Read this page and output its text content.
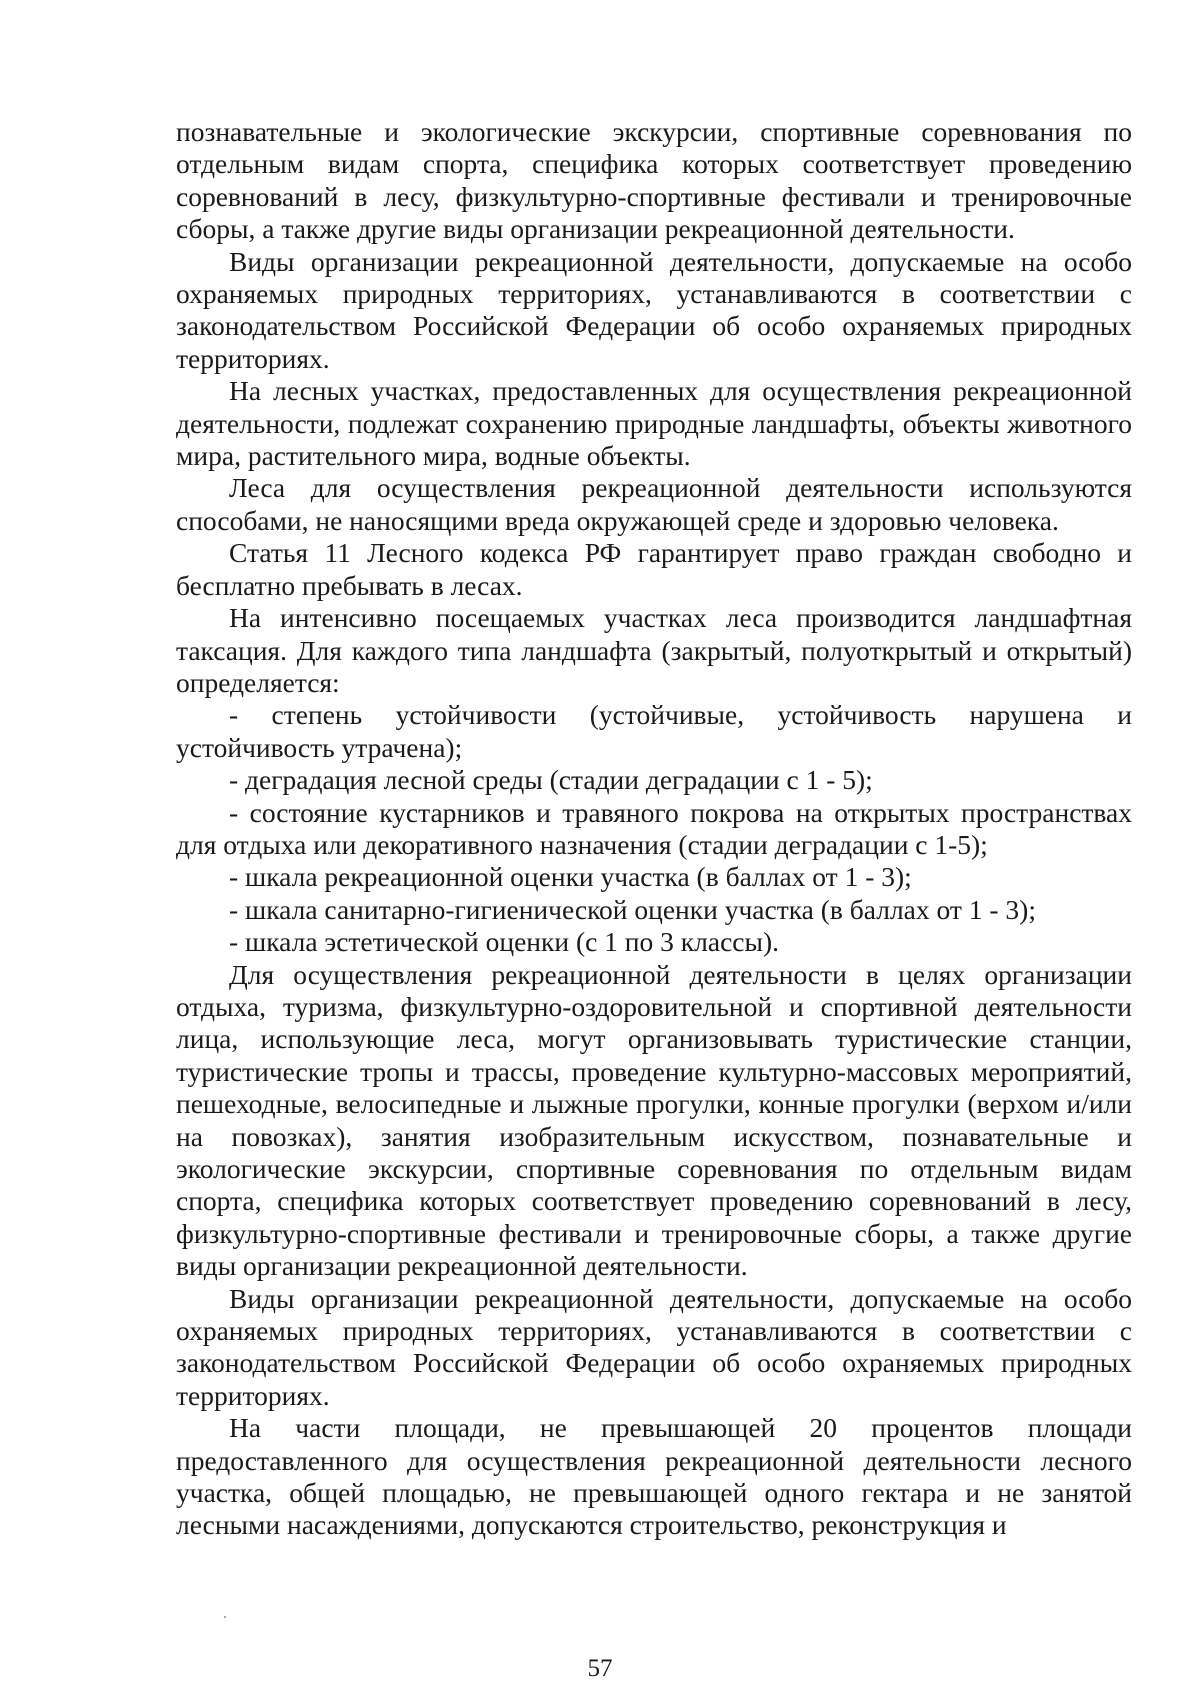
познавательные и экологические экскурсии, спортивные соревнования по отдельным видам спорта, специфика которых соответствует проведению соревнований в лесу, физкультурно-спортивные фестивали и тренировочные сборы, а также другие виды организации рекреационной деятельности.

Виды организации рекреационной деятельности, допускаемые на особо охраняемых природных территориях, устанавливаются в соответствии с законодательством Российской Федерации об особо охраняемых природных территориях.

На лесных участках, предоставленных для осуществления рекреационной деятельности, подлежат сохранению природные ландшафты, объекты животного мира, растительного мира, водные объекты.

Леса для осуществления рекреационной деятельности используются способами, не наносящими вреда окружающей среде и здоровью человека.

Статья 11 Лесного кодекса РФ гарантирует право граждан свободно и бесплатно пребывать в лесах.

На интенсивно посещаемых участках леса производится ландшафтная таксация. Для каждого типа ландшафта (закрытый, полуоткрытый и открытый) определяется:

- степень устойчивости (устойчивые, устойчивость нарушена и устойчивость утрачена);

- деградация лесной среды (стадии деградации с 1 - 5);

- состояние кустарников и травяного покрова на открытых пространствах для отдыха или декоративного назначения (стадии деградации с 1-5);

- шкала рекреационной оценки участка (в баллах от 1 - 3);

- шкала санитарно-гигиенической оценки участка (в баллах от 1 - 3);

- шкала эстетической оценки (с 1 по 3 классы).

Для осуществления рекреационной деятельности в целях организации отдыха, туризма, физкультурно-оздоровительной и спортивной деятельности лица, использующие леса, могут организовывать туристические станции, туристические тропы и трассы, проведение культурно-массовых мероприятий, пешеходные, велосипедные и лыжные прогулки, конные прогулки (верхом и/или на повозках), занятия изобразительным искусством, познавательные и экологические экскурсии, спортивные соревнования по отдельным видам спорта, специфика которых соответствует проведению соревнований в лесу, физкультурно-спортивные фестивали и тренировочные сборы, а также другие виды организации рекреационной деятельности.

Виды организации рекреационной деятельности, допускаемые на особо охраняемых природных территориях, устанавливаются в соответствии с законодательством Российской Федерации об особо охраняемых природных территориях.

На части площади, не превышающей 20 процентов площади предоставленного для осуществления рекреационной деятельности лесного участка, общей площадью, не превышающей одного гектара и не занятой лесными насаждениями, допускаются строительство, реконструкция и

57
